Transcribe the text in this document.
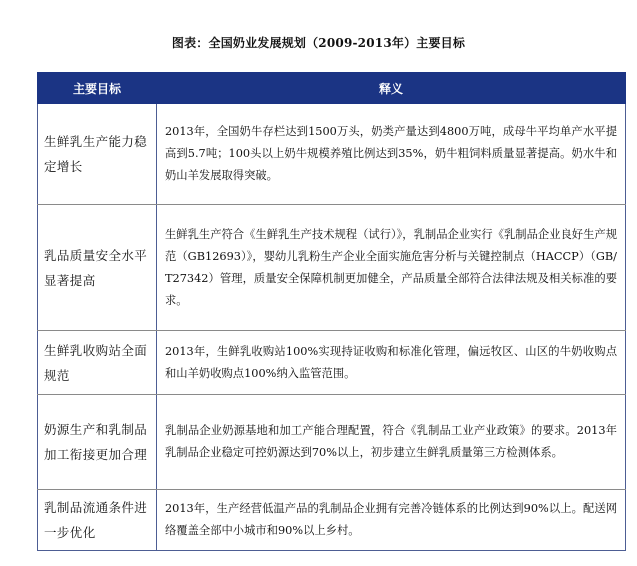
图表：全国奶业发展规划（2009-2013年）主要目标
主要目标	释义
生鲜乳生产能力稳定增长	2013年，全国奶牛存栏达到1500万头，奶类产量达到4800万吨，成母牛平均单产水平提高到5.7吨；100头以上奶牛规模养殖比例达到35%，奶牛粗饲料质量显著提高。奶水牛和奶山羊发展取得突破。
乳品质量安全水平显著提高	生鲜乳生产符合《生鲜乳生产技术规程（试行）》，乳制品企业实行《乳制品企业良好生产规范（GB12693）》，婴幼儿乳粉生产企业全面实施危害分析与关键控制点（HACCP）（GB/T27342）管理，质量安全保障机制更加健全，产品质量全部符合法律法规及相关标准的要求。
生鲜乳收购站全面规范	2013年，生鲜乳收购站100%实现持证收购和标准化管理，偏远牧区、山区的牛奶收购点和山羊奶收购点100%纳入监管范围。
奶源生产和乳制品加工衔接更加合理	乳制品企业奶源基地和加工产能合理配置，符合《乳制品工业产业政策》的要求。2013年乳制品企业稳定可控奶源达到70%以上，初步建立生鲜乳质量第三方检测体系。
乳制品流通条件进一步优化	2013年，生产经营低温产品的乳制品企业拥有完善冷链体系的比例达到90%以上。配送网络覆盖全部中小城市和90%以上乡村。
